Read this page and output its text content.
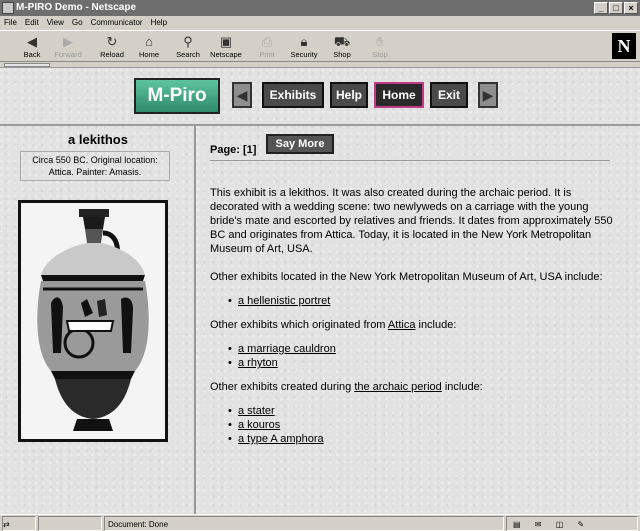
M-PIRO Demo - Netscape	_	□	×
File Edit View Go Communicator Help
◀
Back
▶
Forward
↻
Reload
⌂
Home
⚲
Search
▣
Netscape
⎙
Print
🔒︎
Security
⛟
Shop
✋︎
Stop	N
M-Piro	◀	Exhibits	Help	Home	Exit	▶
a lekithos
Circa 550 BC. Original location: Attica. Painter: Amasis.
Page: [1]	Say More

This exhibit is a lekithos. It was also created during the archaic period. It is decorated with a wedding scene: two newlyweds on a carriage with the young bride's mate and escorted by relatives and friends. It dates from approximately 550 BC and originates from Attica. Today, it is located in the New York Metropolitan Museum of Art, USA.

Other exhibits located in the New York Metropolitan Museum of Art, USA include:

• a hellenistic portret

Other exhibits which originated from Attica include:

• a marriage cauldron
• a rhyton

Other exhibits created during the archaic period include:

• a stater
• a kouros
• a type A amphora
⇄	Document: Done	▤ ✉ ◫ ✎
